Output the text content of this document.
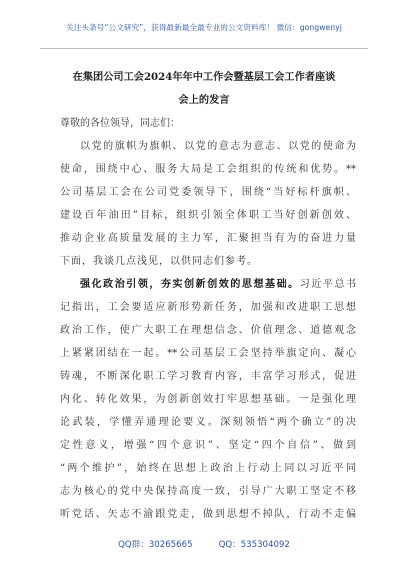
关注头条号“公文研究”，获得最新最全最专业的公文资料库！ 微信：gongwenyj
在集团公司工会2024年年中工作会暨基层工会工作者座谈
会上的发言
尊敬的各位领导，同志们：
以党的旗帜为旗帜、以党的意志为意志、以党的使命为
使命，围绕中心、服务大局是工会组织的传统和优势。**
公司基层工会在公司党委领导下，围绕“当好标杆旗帜、
建设百年油田”目标，组织引领全体职工当好创新创效、
推动企业高质量发展的主力军，汇聚担当有为的奋进力量
下面，我谈几点浅见，以供同志们参考。
强化政治引领，夯实创新创效的思想基础。习近平总书
记指出，工会要适应新形势新任务，加强和改进职工思想
政治工作，使广大职工在理想信念、价值理念、道德观念
上紧紧团结在一起。**公司基层工会坚持举旗定向、凝心
铸魂，不断深化职工学习教育内容，丰富学习形式，促进
内化、转化效果，为创新创效打牢思想基础。一是强化理
论武装，学懂弄通理论要义。深刻领悟“两个确立”的决
定性意义，增强“四个意识”、坚定“四个自信”、做到
“两个维护”，始终在思想上政治上行动上同以习近平同
志为核心的党中央保持高度一致，引导广大职工坚定不移
听党话、矢志不渝跟党走，做到思想不掉队，行动不走偏
QQ群：30265665	QQ：535304092
